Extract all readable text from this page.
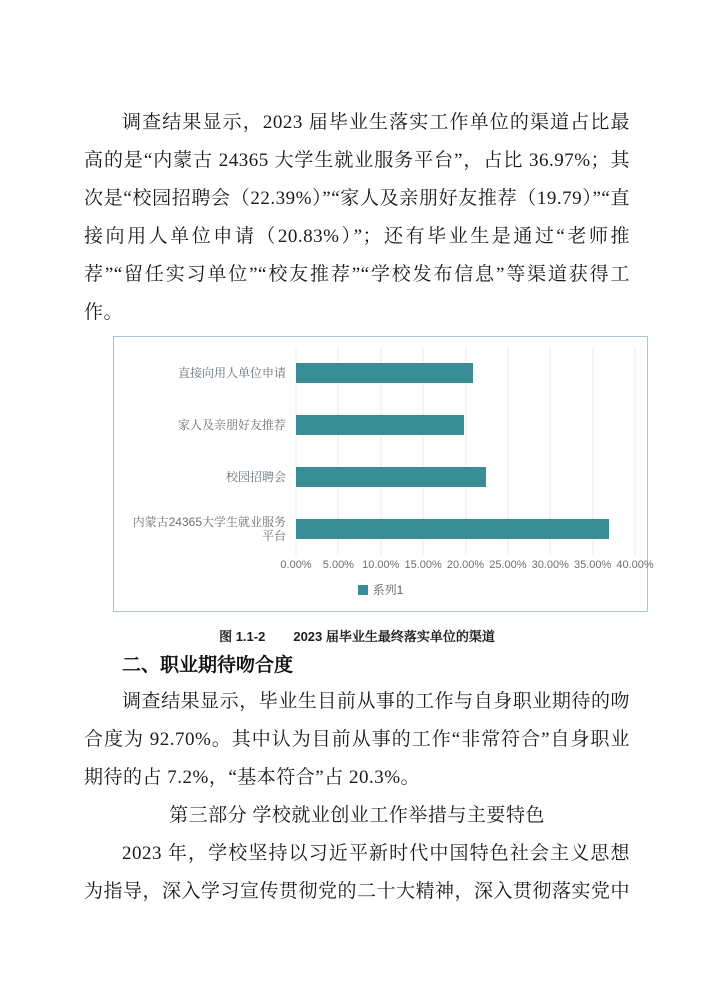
调查结果显示，2023 届毕业生落实工作单位的渠道占比最高的是“内蒙古 24365 大学生就业服务平台”，占比 36.97%；其次是“校园招聘会（22.39%）”“家人及亲朋好友推荐（19.79）”“直接向用人单位申请（20.83%）”；还有毕业生是通过“老师推荐”“留任实习单位”“校友推荐”“学校发布信息”等渠道获得工作。

直接向用人单位申请
家人及亲朋好友推荐
校园招聘会
内蒙古24365大学生就业服务平台
0.00% 5.00% 10.00% 15.00% 20.00% 25.00% 30.00% 35.00% 40.00%
系列1

图 1.1-2 2023 届毕业生最终落实单位的渠道

二、职业期待吻合度

调查结果显示，毕业生目前从事的工作与自身职业期待的吻合度为 92.70%。其中认为目前从事的工作“非常符合”自身职业期待的占 7.2%，“基本符合”占 20.3%。

第三部分 学校就业创业工作举措与主要特色

2023 年，学校坚持以习近平新时代中国特色社会主义思想为指导，深入学习宣传贯彻党的二十大精神，深入贯彻落实党中
